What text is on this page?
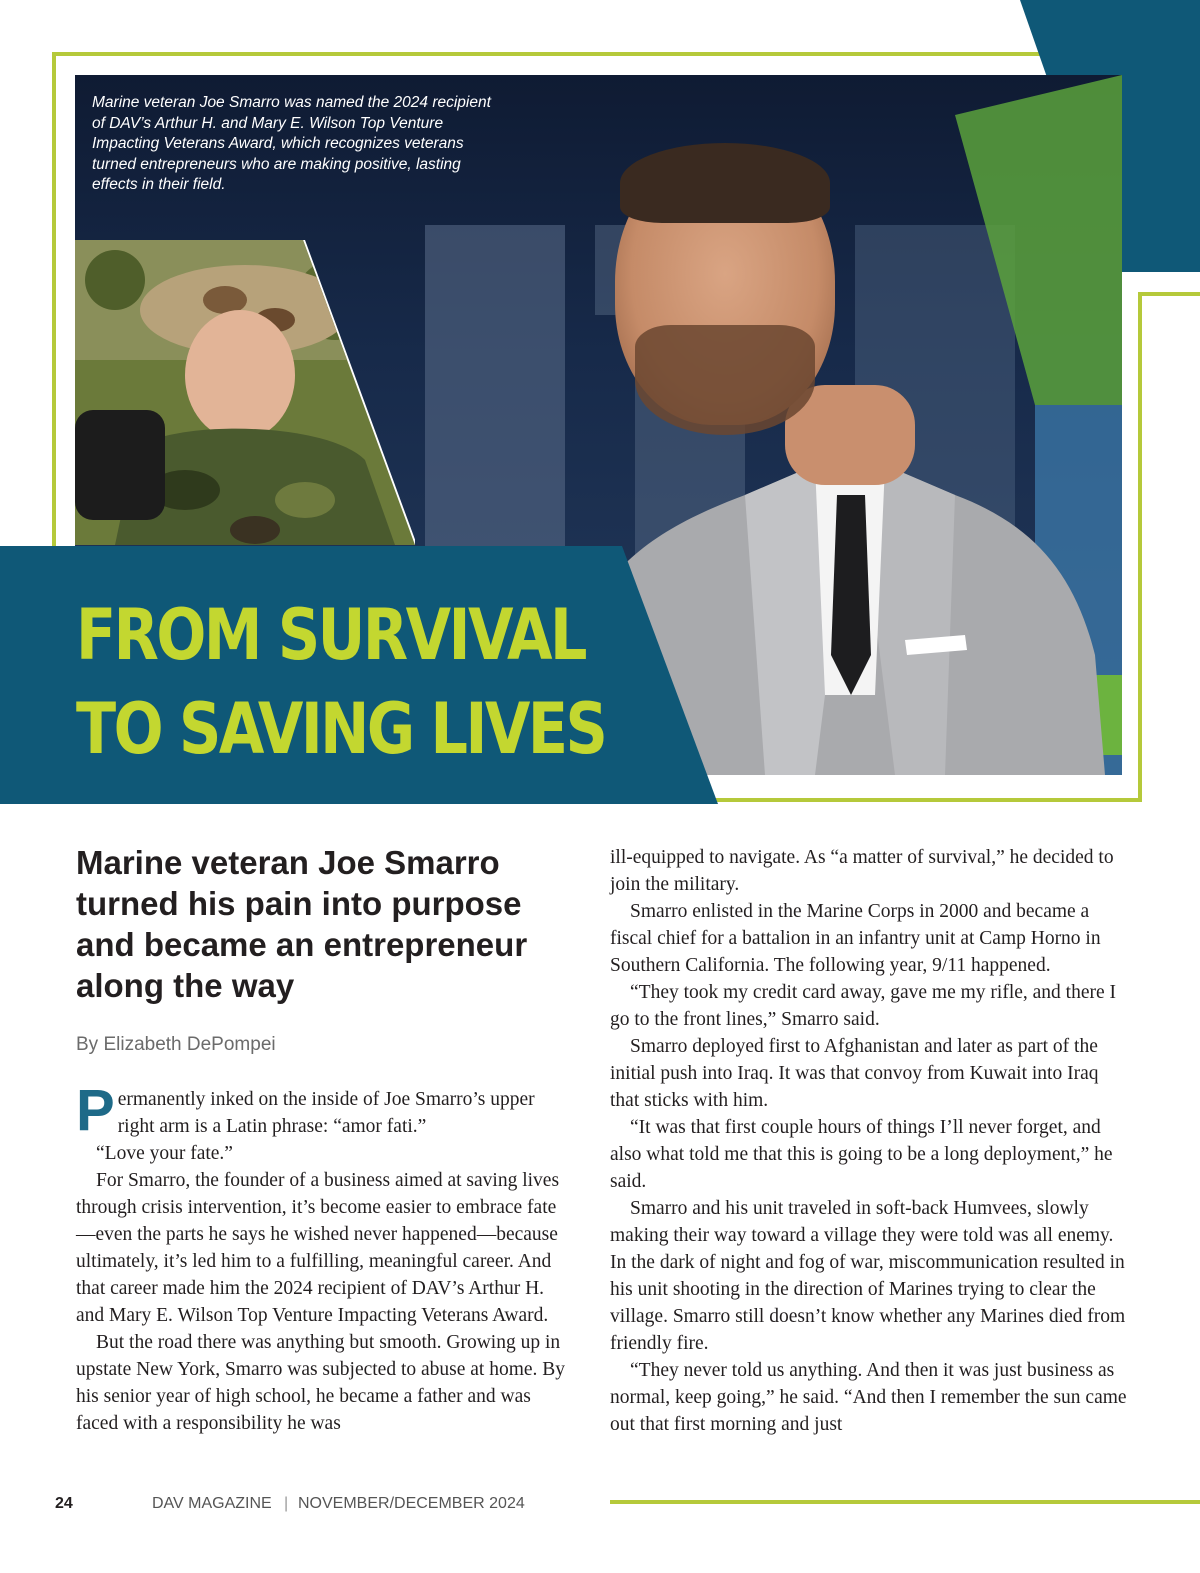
Marine veteran Joe Smarro was named the 2024 recipient of DAV’s Arthur H. and Mary E. Wilson Top Venture Impacting Veterans Award, which recognizes veterans turned entrepreneurs who are making positive, lasting effects in their field.

FROM SURVIVAL
TO SAVING LIVES
Marine veteran Joe Smarro turned his pain into purpose and became an entrepreneur along the way

By Elizabeth DePompei

Permanently inked on the inside of Joe Smarro’s upper right arm is a Latin phrase: “amor fati.”

“Love your fate.”

For Smarro, the founder of a business aimed at saving lives through crisis intervention, it’s become easier to embrace fate—even the parts he says he wished never happened—because ultimately, it’s led him to a fulfilling, meaningful career. And that career made him the 2024 recipient of DAV’s Arthur H. and Mary E. Wilson Top Venture Impacting Veterans Award.

But the road there was anything but smooth. Growing up in upstate New York, Smarro was subjected to abuse at home. By his senior year of high school, he became a father and was faced with a responsibility he was

ill-equipped to navigate. As “a matter of survival,” he decided to join the military.

Smarro enlisted in the Marine Corps in 2000 and became a fiscal chief for a battalion in an infantry unit at Camp Horno in Southern California. The following year, 9/11 happened.

“They took my credit card away, gave me my rifle, and there I go to the front lines,” Smarro said.

Smarro deployed first to Afghanistan and later as part of the initial push into Iraq. It was that convoy from Kuwait into Iraq that sticks with him.

“It was that first couple hours of things I’ll never forget, and also what told me that this is going to be a long deployment,” he said.

Smarro and his unit traveled in soft-back Humvees, slowly making their way toward a village they were told was all enemy. In the dark of night and fog of war, miscommunication resulted in his unit shooting in the direction of Marines trying to clear the village. Smarro still doesn’t know whether any Marines died from friendly fire.

“They never told us anything. And then it was just business as normal, keep going,” he said. “And then I remember the sun came out that first morning and just

24	DAV MAGAZINE | NOVEMBER/DECEMBER 2024
